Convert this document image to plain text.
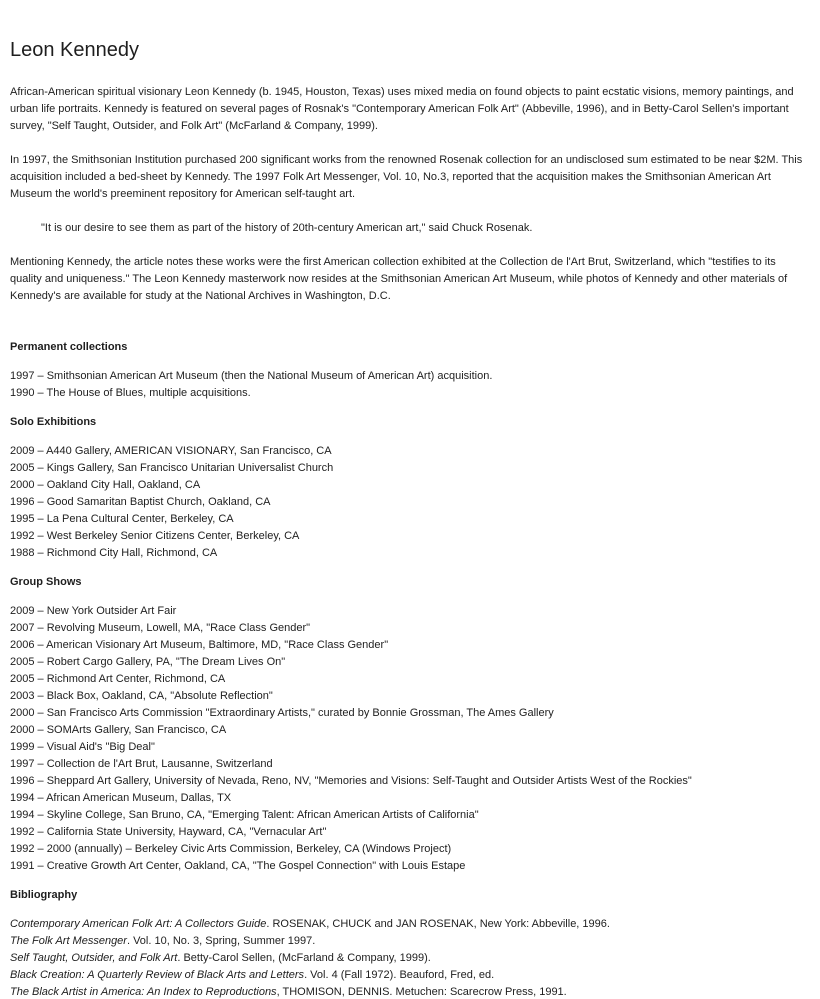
Leon Kennedy

African-American spiritual visionary Leon Kennedy (b. 1945, Houston, Texas) uses mixed media on found objects to paint ecstatic visions, memory paintings, and urban life portraits. Kennedy is featured on several pages of Rosnak's "Contemporary American Folk Art" (Abbeville, 1996), and in Betty-Carol Sellen's important survey, "Self Taught, Outsider, and Folk Art" (McFarland & Company, 1999).

In 1997, the Smithsonian Institution purchased 200 significant works from the renowned Rosenak collection for an undisclosed sum estimated to be near $2M. This acquisition included a bed-sheet by Kennedy. The 1997 Folk Art Messenger, Vol. 10, No.3, reported that the acquisition makes the Smithsonian American Art Museum the world's preeminent repository for American self-taught art.

"It is our desire to see them as part of the history of 20th-century American art," said Chuck Rosenak.

Mentioning Kennedy, the article notes these works were the first American collection exhibited at the Collection de l'Art Brut, Switzerland, which "testifies to its quality and uniqueness." The Leon Kennedy masterwork now resides at the Smithsonian American Art Museum, while photos of Kennedy and other materials of Kennedy's are available for study at the National Archives in Washington, D.C.

Permanent collections

1997 – Smithsonian American Art Museum (then the National Museum of American Art) acquisition.
1990 – The House of Blues, multiple acquisitions.

Solo Exhibitions

2009 – A440 Gallery, AMERICAN VISIONARY, San Francisco, CA
2005 – Kings Gallery, San Francisco Unitarian Universalist Church
2000 – Oakland City Hall, Oakland, CA
1996 – Good Samaritan Baptist Church, Oakland, CA
1995 – La Pena Cultural Center, Berkeley, CA
1992 – West Berkeley Senior Citizens Center, Berkeley, CA
1988 – Richmond City Hall, Richmond, CA

Group Shows

2009 – New York Outsider Art Fair
2007 – Revolving Museum, Lowell, MA, "Race Class Gender"
2006 – American Visionary Art Museum, Baltimore, MD, "Race Class Gender"
2005 – Robert Cargo Gallery, PA, "The Dream Lives On"
2005 – Richmond Art Center, Richmond, CA
2003 – Black Box, Oakland, CA, "Absolute Reflection"
2000 – San Francisco Arts Commission "Extraordinary Artists," curated by Bonnie Grossman, The Ames Gallery
2000 – SOMArts Gallery, San Francisco, CA
1999 – Visual Aid's "Big Deal"
1997 – Collection de l'Art Brut, Lausanne, Switzerland
1996 – Sheppard Art Gallery, University of Nevada, Reno, NV, "Memories and Visions: Self-Taught and Outsider Artists West of the Rockies"
1994 – African American Museum, Dallas, TX
1994 – Skyline College, San Bruno, CA, "Emerging Talent: African American Artists of California"
1992 – California State University, Hayward, CA, "Vernacular Art"
1992 – 2000 (annually) – Berkeley Civic Arts Commission, Berkeley, CA (Windows Project)
1991 – Creative Growth Art Center, Oakland, CA, "The Gospel Connection" with Louis Estape

Bibliography

Contemporary American Folk Art: A Collectors Guide. ROSENAK, CHUCK and JAN ROSENAK, New York: Abbeville, 1996.
The Folk Art Messenger. Vol. 10, No. 3, Spring, Summer 1997.
Self Taught, Outsider, and Folk Art. Betty-Carol Sellen, (McFarland & Company, 1999).
Black Creation: A Quarterly Review of Black Arts and Letters. Vol. 4 (Fall 1972). Beauford, Fred, ed.
The Black Artist in America: An Index to Reproductions, THOMISON, DENNIS. Metuchen: Scarecrow Press, 1991.
